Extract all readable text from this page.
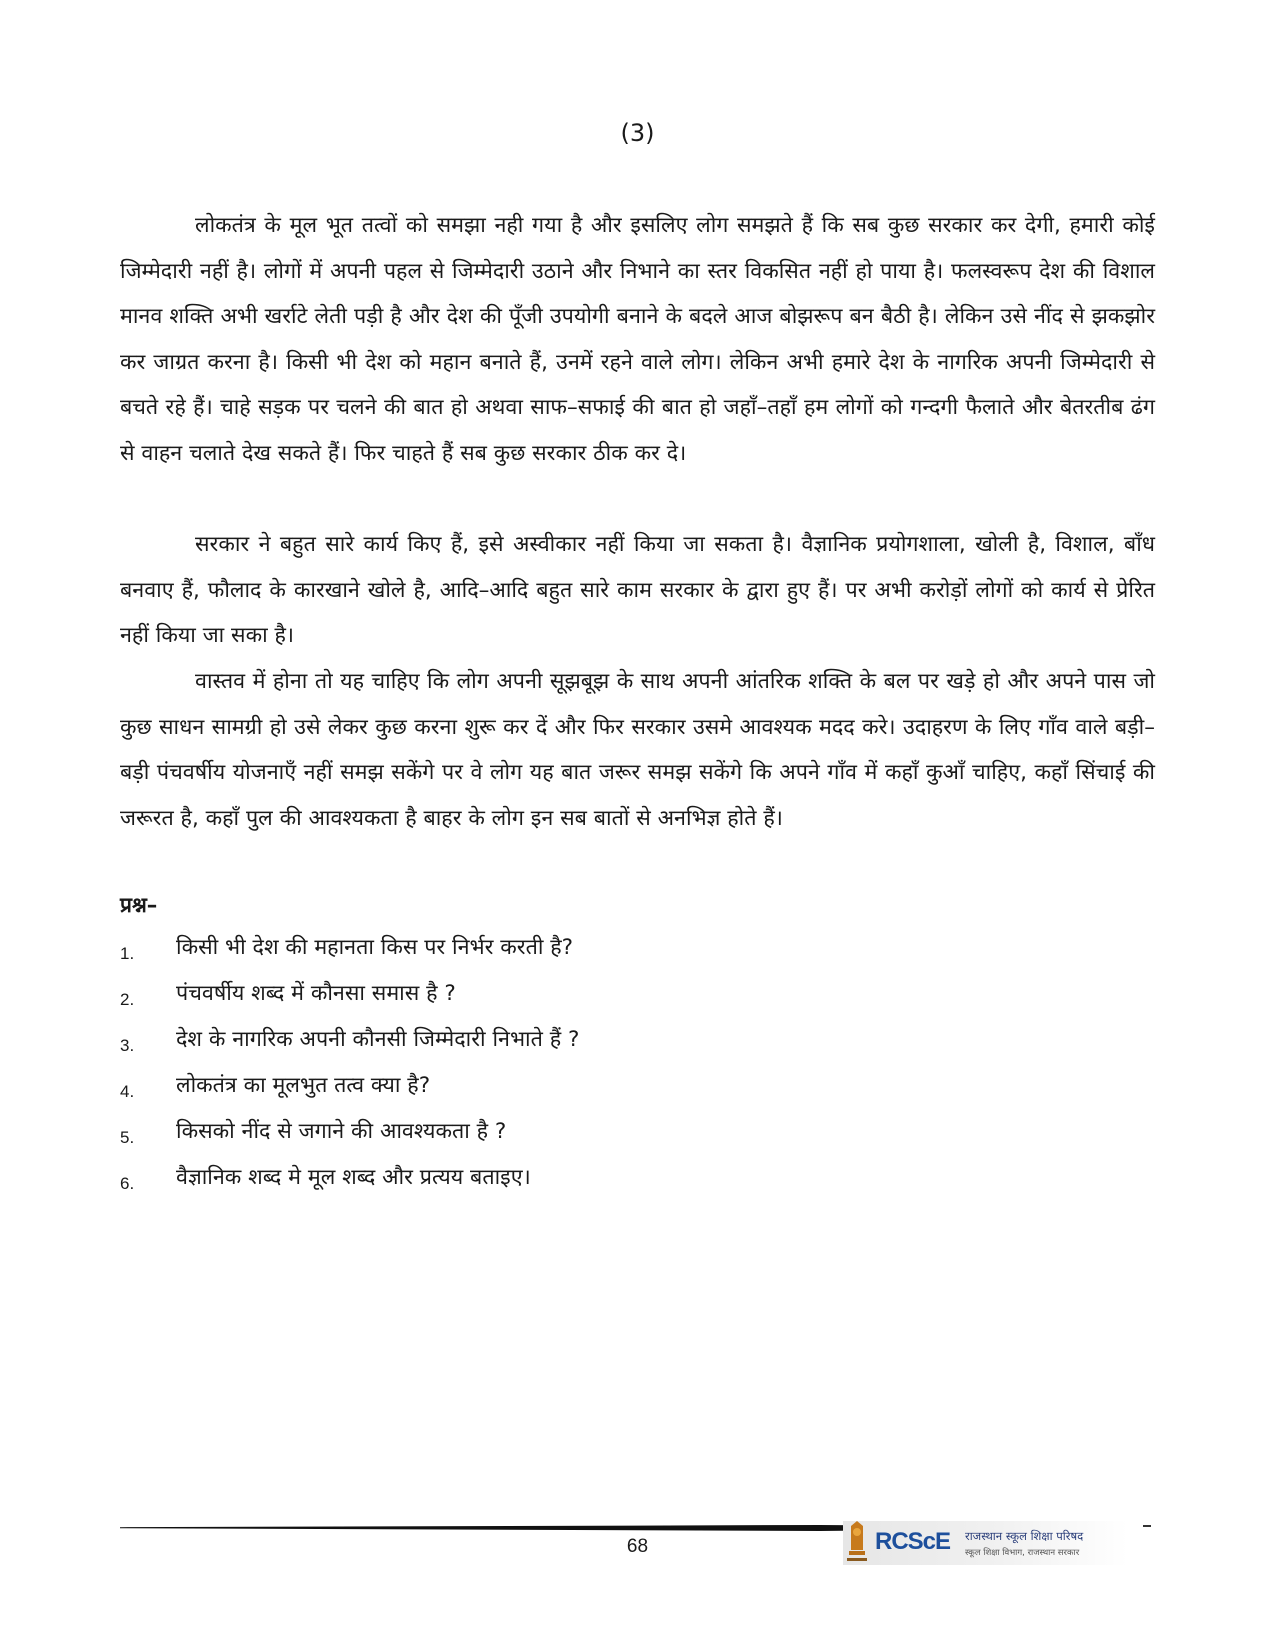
(3)

लोकतंत्र के मूल भूत तत्वों को समझा नही गया है और इसलिए लोग समझते हैं कि सब कुछ सरकार कर देगी, हमारी कोई जिम्मेदारी नहीं है। लोगों में अपनी पहल से जिम्मेदारी उठाने और निभाने का स्तर विकसित नहीं हो पाया है। फलस्वरूप देश की विशाल मानव शक्ति अभी खर्राटे लेती पड़ी है और देश की पूँजी उपयोगी बनाने के बदले आज बोझरूप बन बैठी है। लेकिन उसे नींद से झकझोर कर जाग्रत करना है। किसी भी देश को महान बनाते हैं, उनमें रहने वाले लोग। लेकिन अभी हमारे देश के नागरिक अपनी जिम्मेदारी से बचते रहे हैं। चाहे सड़क पर चलने की बात हो अथवा साफ–सफाई की बात हो जहाँ–तहाँ हम लोगों को गन्दगी फैलाते और बेतरतीब ढंग से वाहन चलाते देख सकते हैं। फिर चाहते हैं सब कुछ सरकार ठीक कर दे।

सरकार ने बहुत सारे कार्य किए हैं, इसे अस्वीकार नहीं किया जा सकता है। वैज्ञानिक प्रयोगशाला, खोली है, विशाल, बाँध बनवाए हैं, फौलाद के कारखाने खोले है, आदि–आदि बहुत सारे काम सरकार के द्वारा हुए हैं। पर अभी करोड़ों लोगों को कार्य से प्रेरित नहीं किया जा सका है।

वास्तव में होना तो यह चाहिए कि लोग अपनी सूझबूझ के साथ अपनी आंतरिक शक्ति के बल पर खड़े हो और अपने पास जो कुछ साधन सामग्री हो उसे लेकर कुछ करना शुरू कर दें और फिर सरकार उसमे आवश्यक मदद करे। उदाहरण के लिए गाँव वाले बड़ी–बड़ी पंचवर्षीय योजनाएँ नहीं समझ सकेंगे पर वे लोग यह बात जरूर समझ सकेंगे कि अपने गाँव में कहाँ कुआँ चाहिए, कहाँ सिंचाई की जरूरत है, कहाँ पुल की आवश्यकता है बाहर के लोग इन सब बातों से अनभिज्ञ होते हैं।

प्रश्न–
1. किसी भी देश की महानता किस पर निर्भर करती है?
2. पंचवर्षीय शब्द में कौनसा समास है ?
3. देश के नागरिक अपनी कौनसी जिम्मेदारी निभाते हैं ?
4. लोकतंत्र का मूलभुत तत्व क्या है?
5. किसको नींद से जगाने की आवश्यकता है ?
6. वैज्ञानिक शब्द मे मूल शब्द और प्रत्यय बताइए।
68	RCScE राजस्थान स्कूल शिक्षा परिषद
स्कूल शिक्षा विभाग, राजस्थान सरकार
